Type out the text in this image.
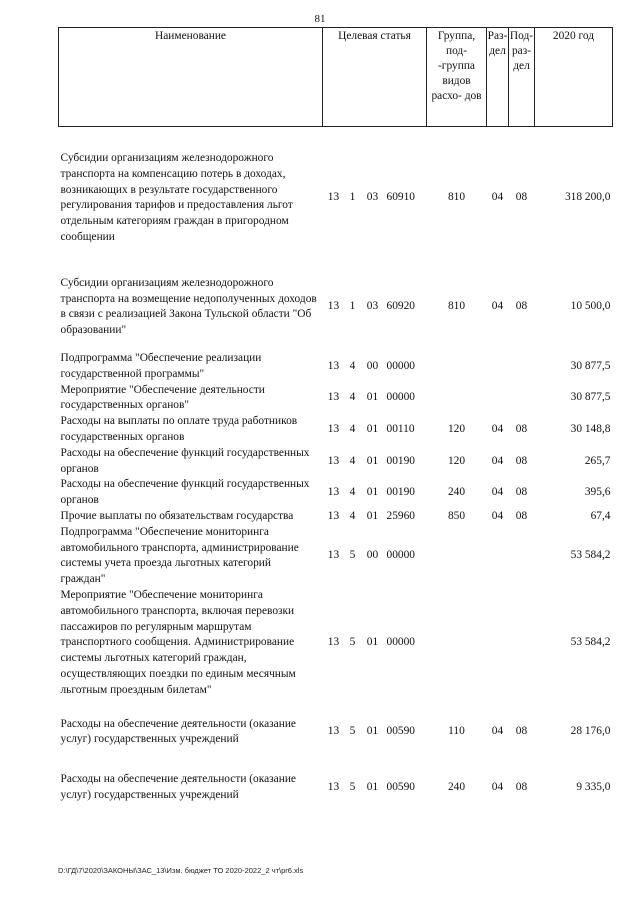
81
Наименование	Целевая статья				Группа, под- -группа видов расхо- дов	Раз- дел	Под- раз- дел	2020 год

Субсидии организациям железнодорожного транспорта на компенсацию потерь в доходах, возникающих в результате государственного регулирования тарифов и предоставления льгот отдельным категориям граждан в пригородном сообщении	13	1	03	60910	810	04	08	318 200,0

Субсидии организациям железнодорожного транспорта на возмещение недополученных доходов в связи с реализацией Закона Тульской области "Об образовании"	13	1	03	60920	810	04	08	10 500,0

Подпрограмма "Обеспечение реализации государственной программы"	13	4	00	00000				30 877,5
Мероприятие "Обеспечение деятельности государственных органов"	13	4	01	00000				30 877,5
Расходы на выплаты по оплате труда работников государственных органов	13	4	01	00110	120	04	08	30 148,8
Расходы на обеспечение функций государственных органов	13	4	01	00190	120	04	08	265,7
Расходы на обеспечение функций государственных органов	13	4	01	00190	240	04	08	395,6
Прочие выплаты по обязательствам государства	13	4	01	25960	850	04	08	67,4
Подпрограмма "Обеспечение мониторинга автомобильного транспорта, администрирование системы учета проезда льготных категорий граждан"	13	5	00	00000				53 584,2
Мероприятие "Обеспечение мониторинга автомобильного транспорта, включая перевозки пассажиров по регулярным маршрутам транспортного сообщения. Администрирование системы льготных категорий граждан, осуществляющих поездки по единым месячным льготным проездным билетам"	13	5	01	00000				53 584,2

Расходы на обеспечение деятельности (оказание услуг) государственных учреждений	13	5	01	00590	110	04	08	28 176,0

Расходы на обеспечение деятельности (оказание услуг) государственных учреждений	13	5	01	00590	240	04	08	9 335,0
D:\ГД\7\2020\ЗАКОНЫ\ЗАС_13\Изм. бюджет ТО 2020-2022_2 чт\pr6.xls
